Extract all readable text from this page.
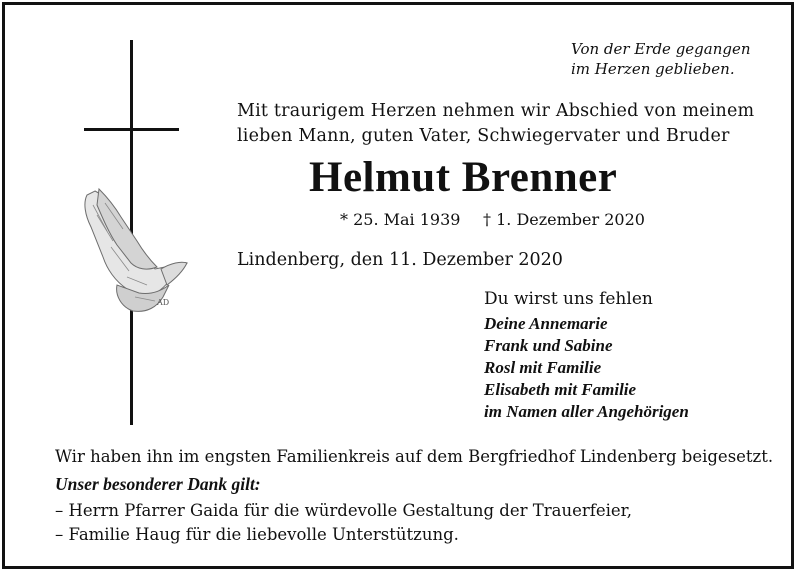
AD
Von der Erde gegangen
im Herzen geblieben.
Mit traurigem Herzen nehmen wir Abschied von meinem
lieben Mann, guten Vater, Schwiegervater und Bruder
Helmut Brenner
* 25. Mai 1939 † 1. Dezember 2020
Lindenberg, den 11. Dezember 2020
Du wirst uns fehlen
Deine Annemarie
Frank und Sabine
Rosl mit Familie
Elisabeth mit Familie
im Namen aller Angehörigen
Wir haben ihn im engsten Familienkreis auf dem Bergfriedhof Lindenberg beigesetzt.
Unser besonderer Dank gilt:
– Herrn Pfarrer Gaida für die würdevolle Gestaltung der Trauerfeier,
– Familie Haug für die liebevolle Unterstützung.
